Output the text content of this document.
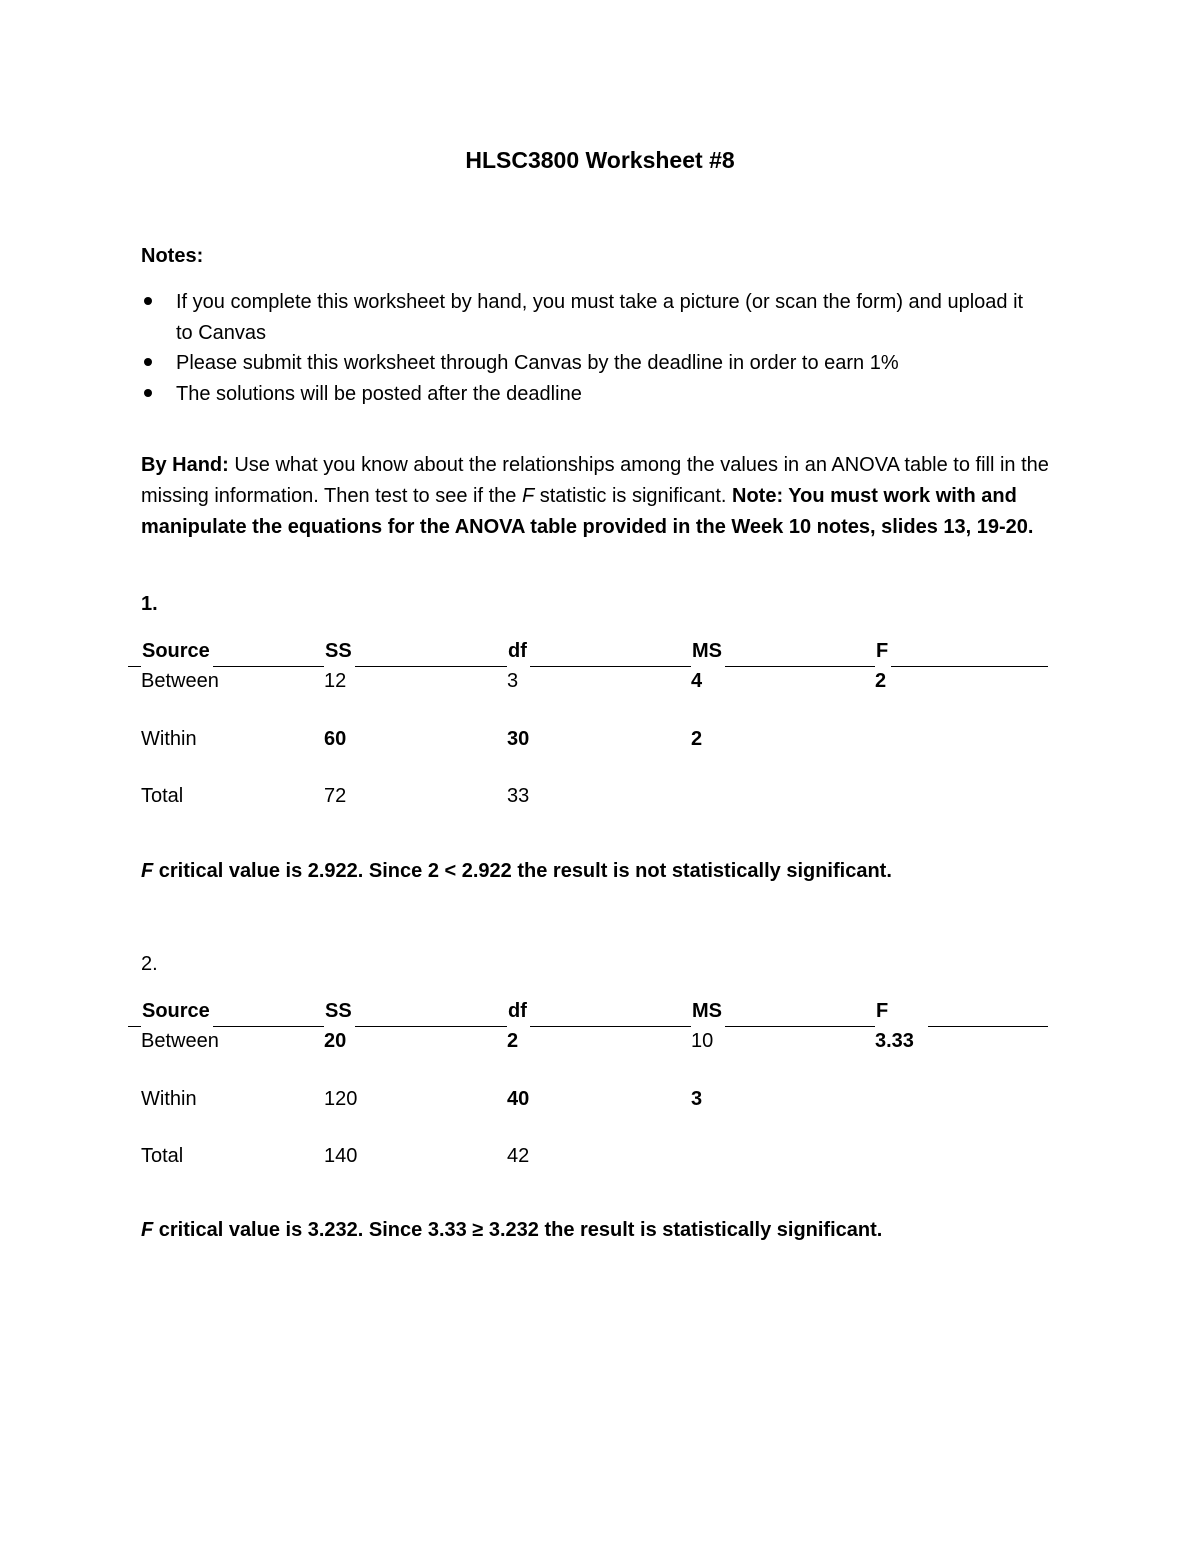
HLSC3800 Worksheet #8
Notes:
If you complete this worksheet by hand, you must take a picture (or scan the form) and upload it to Canvas
Please submit this worksheet through Canvas by the deadline in order to earn 1%
The solutions will be posted after the deadline
By Hand: Use what you know about the relationships among the values in an ANOVA table to fill in the missing information. Then test to see if the F statistic is significant. Note: You must work with and manipulate the equations for the ANOVA table provided in the Week 10 notes, slides 13, 19-20.
1.
Source	SS	df	MS	F
Between	12	3	4	2
Within	60	30	2
Total	72	33
F critical value is 2.922. Since 2 < 2.922 the result is not statistically significant.
2.
Source	SS	df	MS	F
Between	20	2	10	3.33
Within	120	40	3
Total	140	42
F critical value is 3.232. Since 3.33 ≥ 3.232 the result is statistically significant.
